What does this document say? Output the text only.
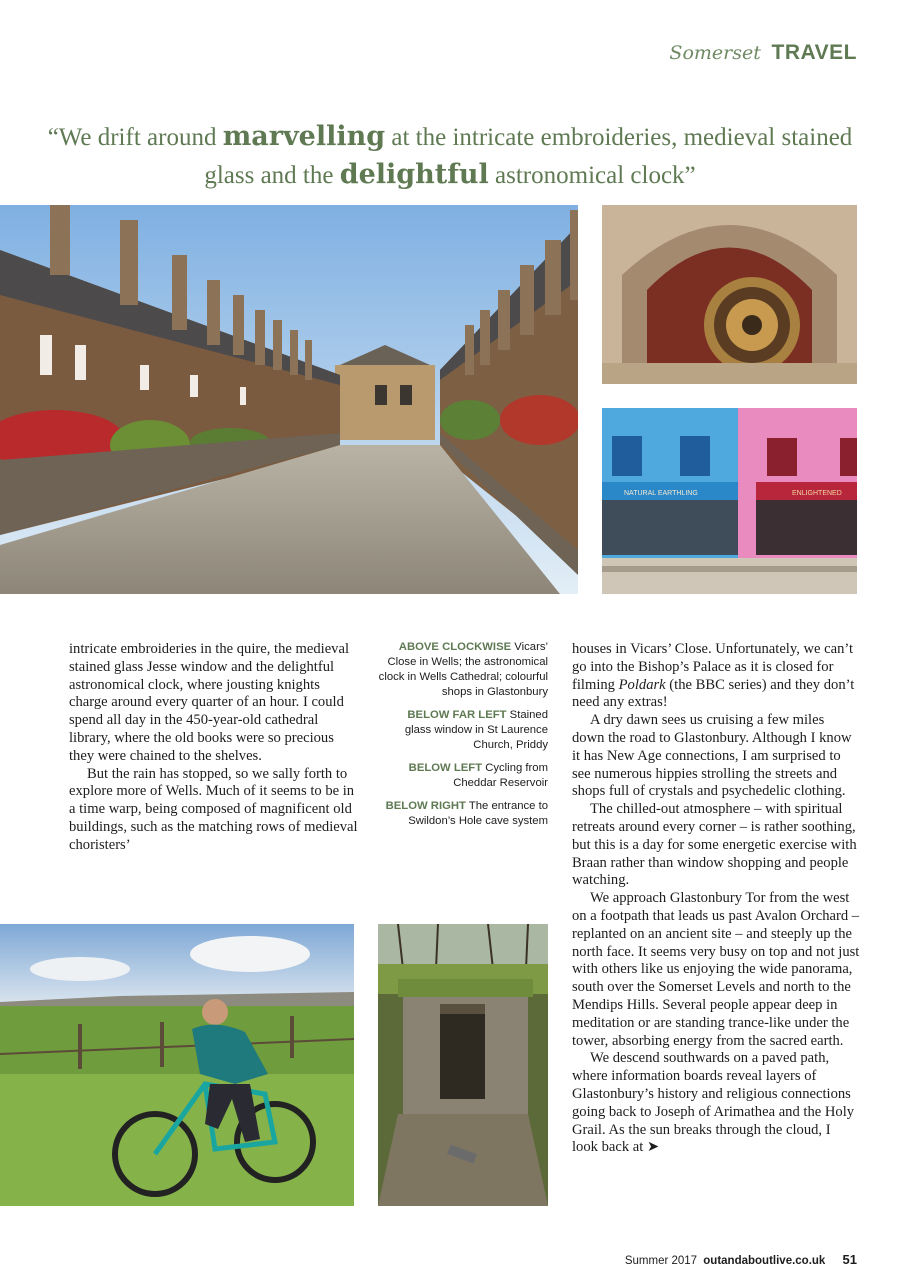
Somerset TRAVEL
“We drift around marvelling at the intricate embroideries, medieval stained glass and the delightful astronomical clock”
NATURAL EARTHLING	ENLIGHTENED

intricate embroideries in the quire, the medieval stained glass Jesse window and the delightful astronomical clock, where jousting knights charge around every quarter of an hour. I could spend all day in the 450-year-old cathedral library, where the old books were so precious they were chained to the shelves.

But the rain has stopped, so we sally forth to explore more of Wells. Much of it seems to be in a time warp, being composed of magnificent old buildings, such as the matching rows of medieval choristers’

ABOVE CLOCKWISE Vicars’ Close in Wells; the astronomical clock in Wells Cathedral; colourful shops in Glastonbury
BELOW FAR LEFT Stained glass window in St Laurence Church, Priddy
BELOW LEFT Cycling from Cheddar Reservoir
BELOW RIGHT The entrance to Swildon’s Hole cave system

houses in Vicars’ Close. Unfortunately, we can’t go into the Bishop’s Palace as it is closed for filming Poldark (the BBC series) and they don’t need any extras!

A dry dawn sees us cruising a few miles down the road to Glastonbury. Although I know it has New Age connections, I am surprised to see numerous hippies strolling the streets and shops full of crystals and psychedelic clothing.

The chilled-out atmosphere – with spiritual retreats around every corner – is rather soothing, but this is a day for some energetic exercise with Braan rather than window shopping and people watching.

We approach Glastonbury Tor from the west on a footpath that leads us past Avalon Orchard – replanted on an ancient site – and steeply up the north face. It seems very busy on top and not just with others like us enjoying the wide panorama, south over the Somerset Levels and north to the Mendips Hills. Several people appear deep in meditation or are standing trance-like under the tower, absorbing energy from the sacred earth.

We descend southwards on a paved path, where information boards reveal layers of Glastonbury’s history and religious connections going back to Joseph of Arimathea and the Holy Grail. As the sun breaks through the cloud, I look back at ➤

Summer 2017 outandaboutlive.co.uk 51
